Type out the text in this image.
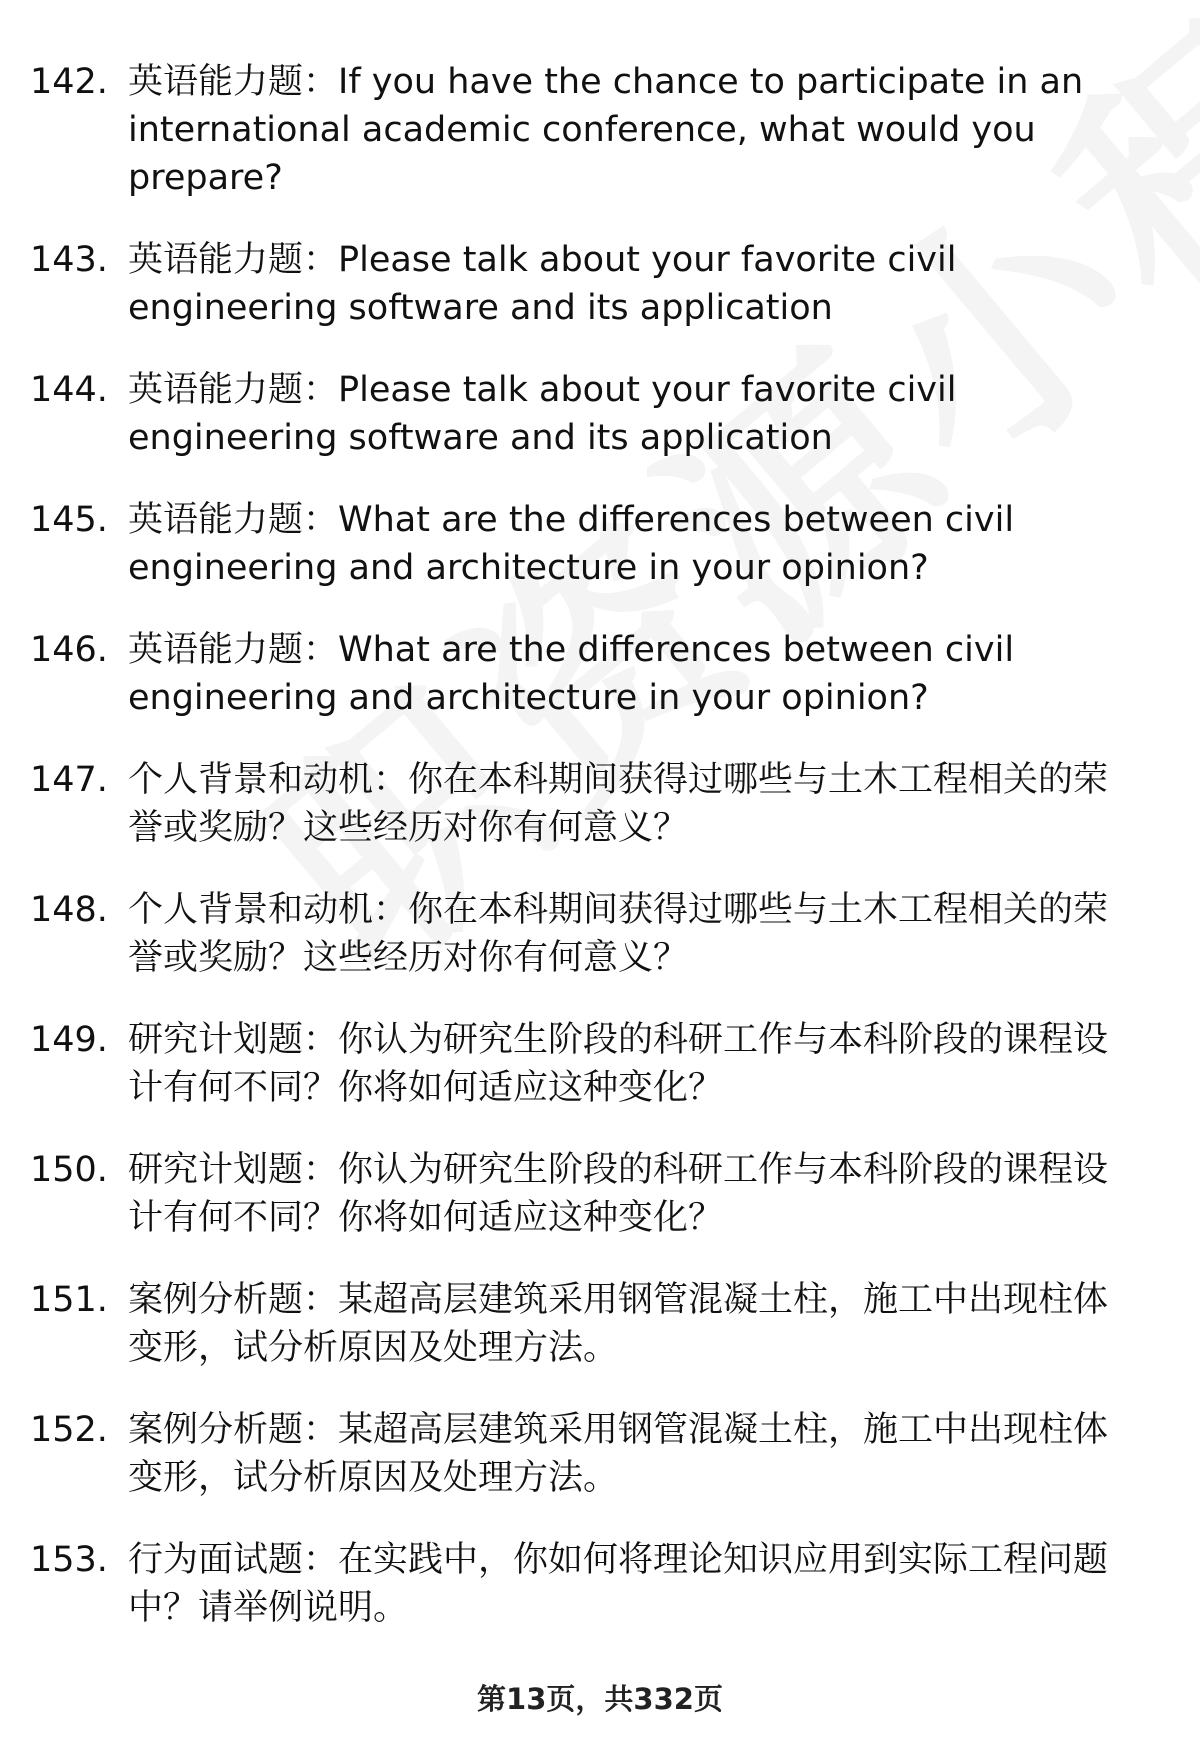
142. 英语能力题：If you have the chance to participate in an international academic conference, what would you prepare?
143. 英语能力题：Please talk about your favorite civil engineering software and its application
144. 英语能力题：Please talk about your favorite civil engineering software and its application
145. 英语能力题：What are the differences between civil engineering and architecture in your opinion?
146. 英语能力题：What are the differences between civil engineering and architecture in your opinion?
147. 个人背景和动机：你在本科期间获得过哪些与土木工程相关的荣誉或奖励？这些经历对你有何意义？
148. 个人背景和动机：你在本科期间获得过哪些与土木工程相关的荣誉或奖励？这些经历对你有何意义？
149. 研究计划题：你认为研究生阶段的科研工作与本科阶段的课程设计有何不同？你将如何适应这种变化？
150. 研究计划题：你认为研究生阶段的科研工作与本科阶段的课程设计有何不同？你将如何适应这种变化？
151. 案例分析题：某超高层建筑采用钢管混凝土柱，施工中出现柱体变形，试分析原因及处理方法。
152. 案例分析题：某超高层建筑采用钢管混凝土柱，施工中出现柱体变形，试分析原因及处理方法。
153. 行为面试题：在实践中，你如何将理论知识应用到实际工程问题中？请举例说明。
第13页，共332页
